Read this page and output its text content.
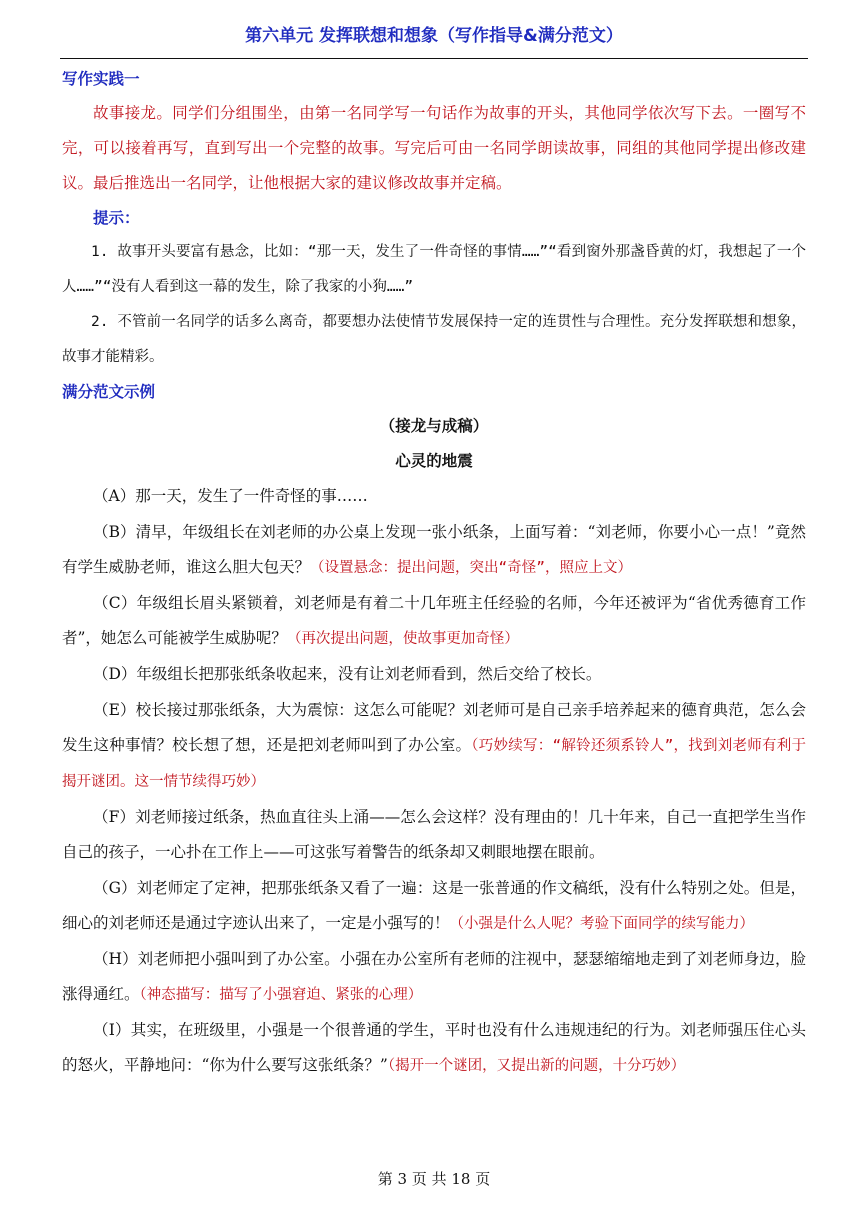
第六单元 发挥联想和想象（写作指导&满分范文）
写作实践一
故事接龙。同学们分组围坐，由第一名同学写一句话作为故事的开头，其他同学依次写下去。一圈写不完，可以接着再写，直到写出一个完整的故事。写完后可由一名同学朗读故事，同组的其他同学提出修改建议。最后推选出一名同学，让他根据大家的建议修改故事并定稿。
提示：
1. 故事开头要富有悬念，比如：“那一天，发生了一件奇怪的事情……”“看到窗外那盏昏黄的灯，我想起了一个人……”“没有人看到这一幕的发生，除了我家的小狗……”
2. 不管前一名同学的话多么离奇，都要想办法使情节发展保持一定的连贯性与合理性。充分发挥联想和想象，故事才能精彩。
满分范文示例
（接龙与成稿）
心灵的地震
（A）那一天，发生了一件奇怪的事……
（B）清早，年级组长在刘老师的办公桌上发现一张小纸条，上面写着：“刘老师，你要小心一点！”竟然有学生威胁老师，谁这么胆大包天？（设置悬念：提出问题，突出“奇怪”，照应上文）
（C）年级组长眉头紧锁着，刘老师是有着二十几年班主任经验的名师，今年还被评为“省优秀德育工作者”，她怎么可能被学生威胁呢？（再次提出问题，使故事更加奇怪）
（D）年级组长把那张纸条收起来，没有让刘老师看到，然后交给了校长。
（E）校长接过那张纸条，大为震惊：这怎么可能呢？刘老师可是自己亲手培养起来的德育典范，怎么会发生这种事情？校长想了想，还是把刘老师叫到了办公室。（巧妙续写：“解铃还须系铃人”，找到刘老师有利于揭开谜团。这一情节续得巧妙）
（F）刘老师接过纸条，热血直往头上涌——怎么会这样？没有理由的！几十年来，自己一直把学生当作自己的孩子，一心扑在工作上——可这张写着警告的纸条却又刺眼地摆在眼前。
（G）刘老师定了定神，把那张纸条又看了一遍：这是一张普通的作文稿纸，没有什么特别之处。但是，细心的刘老师还是通过字迹认出来了，一定是小强写的！（小强是什么人呢？考验下面同学的续写能力）
（H）刘老师把小强叫到了办公室。小强在办公室所有老师的注视中，瑟瑟缩缩地走到了刘老师身边，脸涨得通红。（神态描写：描写了小强窘迫、紧张的心理）
（I）其实，在班级里，小强是一个很普通的学生，平时也没有什么违规违纪的行为。刘老师强压住心头的怒火，平静地问：“你为什么要写这张纸条？”（揭开一个谜团，又提出新的问题，十分巧妙）
第 3 页 共 18 页
